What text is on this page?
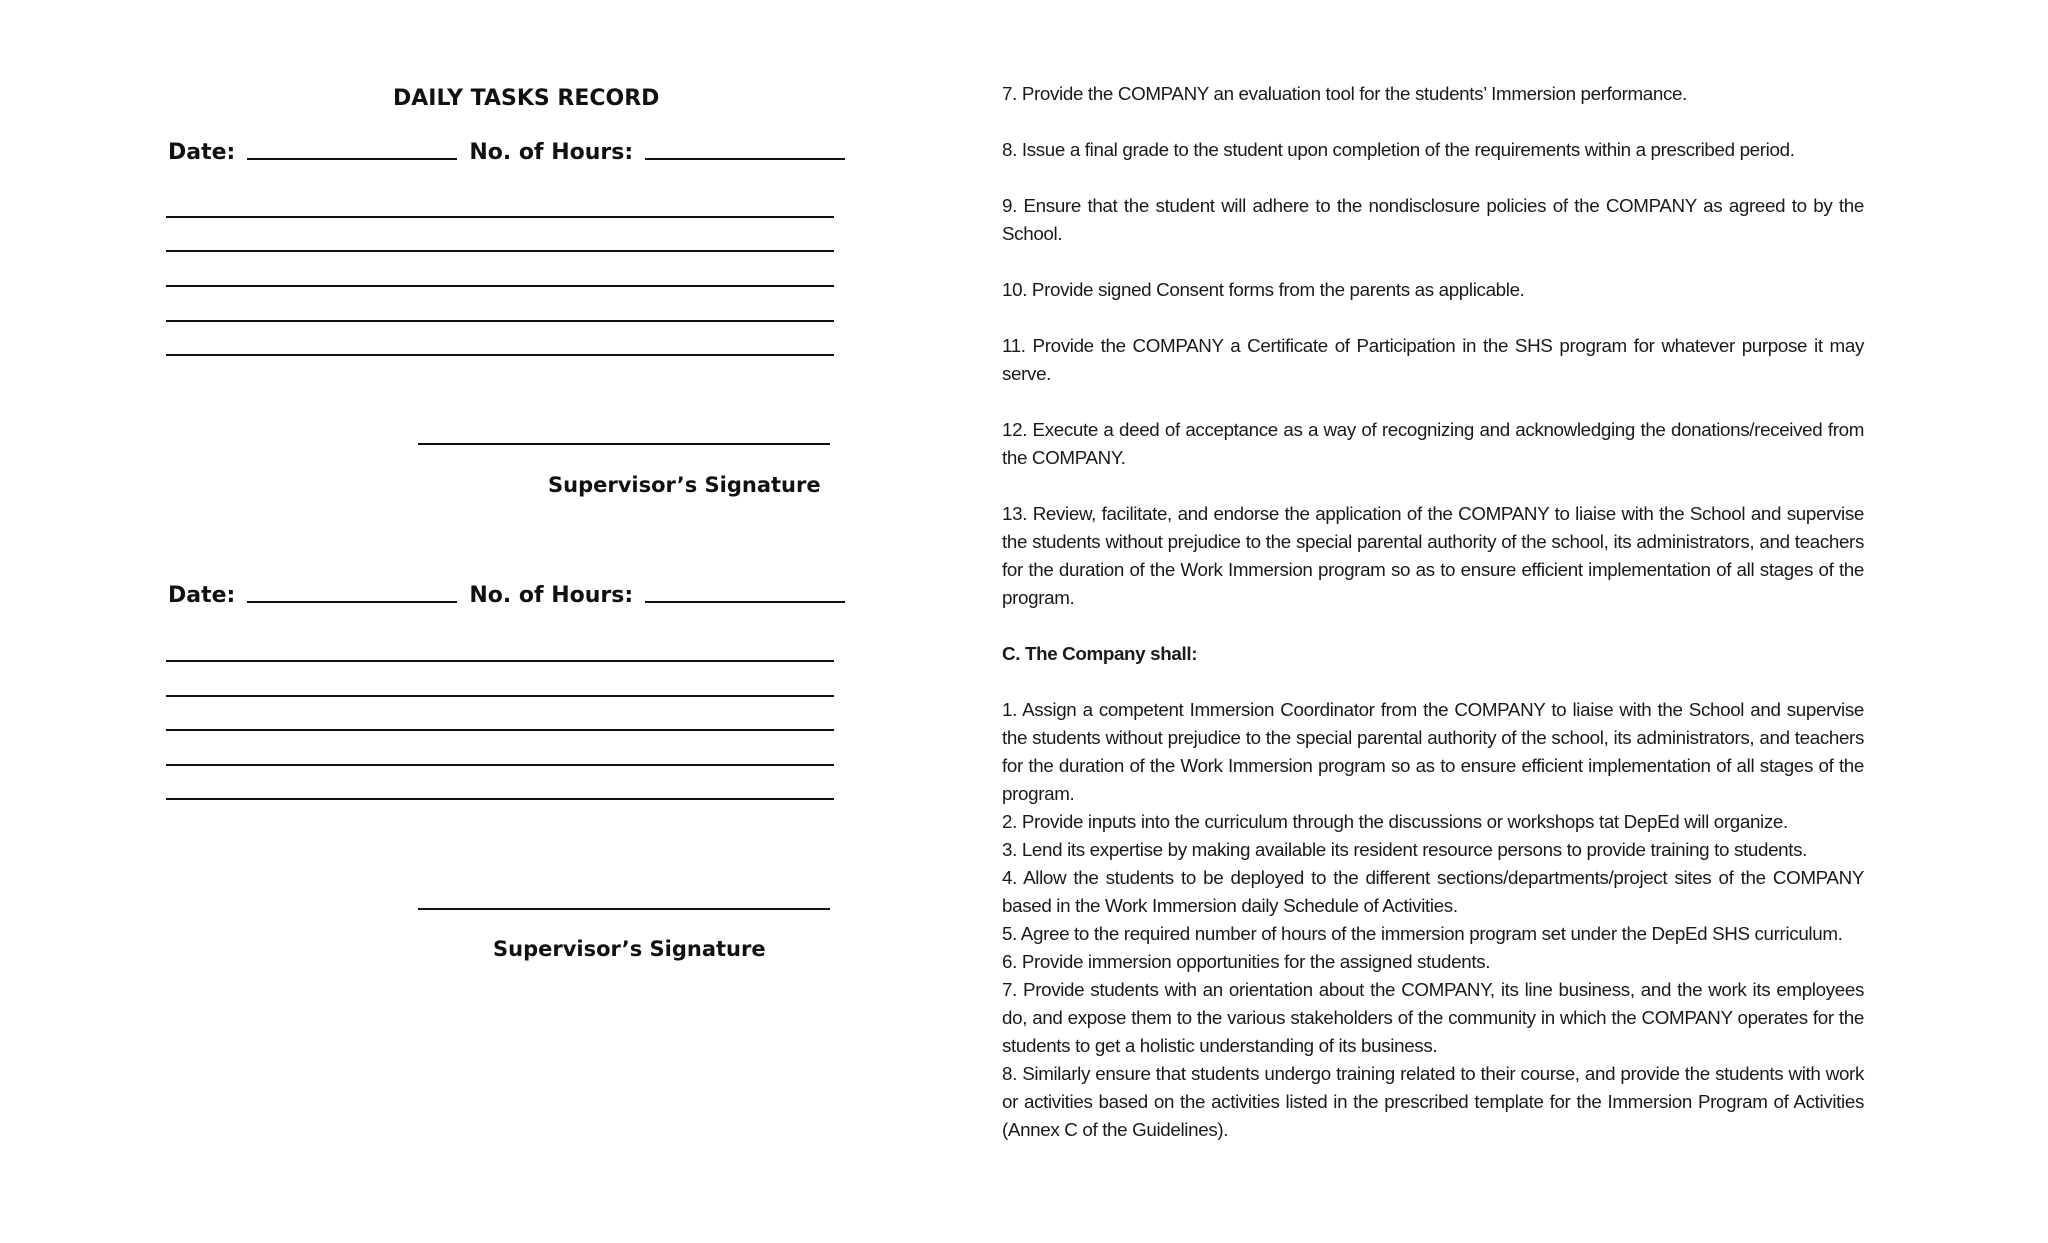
DAILY TASKS RECORD
Date:	No. of Hours:
Supervisor’s Signature
Date:	No. of Hours:
Supervisor’s Signature

7. Provide the COMPANY an evaluation tool for the students’ Immersion performance.

8. Issue a final grade to the student upon completion of the requirements within a prescribed period.

9. Ensure that the student will adhere to the nondisclosure policies of the COMPANY as agreed to by the School.

10. Provide signed Consent forms from the parents as applicable.

11. Provide the COMPANY a Certificate of Participation in the SHS program for whatever purpose it may serve.

12. Execute a deed of acceptance as a way of recognizing and acknowledging the donations/received from the COMPANY.

13. Review, facilitate, and endorse the application of the COMPANY to liaise with the School and supervise the students without prejudice to the special parental authority of the school, its administrators, and teachers for the duration of the Work Immersion program so as to ensure efficient implementation of all stages of the program.

C. The Company shall:

1. Assign a competent Immersion Coordinator from the COMPANY to liaise with the School and supervise the students without prejudice to the special parental authority of the school, its administrators, and teachers for the duration of the Work Immersion program so as to ensure efficient implementation of all stages of the program.

2. Provide inputs into the curriculum through the discussions or workshops tat DepEd will organize.

3. Lend its expertise by making available its resident resource persons to provide training to students.

4. Allow the students to be deployed to the different sections/departments/project sites of the COMPANY based in the Work Immersion daily Schedule of Activities.

5. Agree to the required number of hours of the immersion program set under the DepEd SHS curriculum.

6. Provide immersion opportunities for the assigned students.

7. Provide students with an orientation about the COMPANY, its line business, and the work its employees do, and expose them to the various stakeholders of the community in which the COMPANY operates for the students to get a holistic understanding of its business.

8. Similarly ensure that students undergo training related to their course, and provide the students with work or activities based on the activities listed in the prescribed template for the Immersion Program of Activities (Annex C of the Guidelines).
